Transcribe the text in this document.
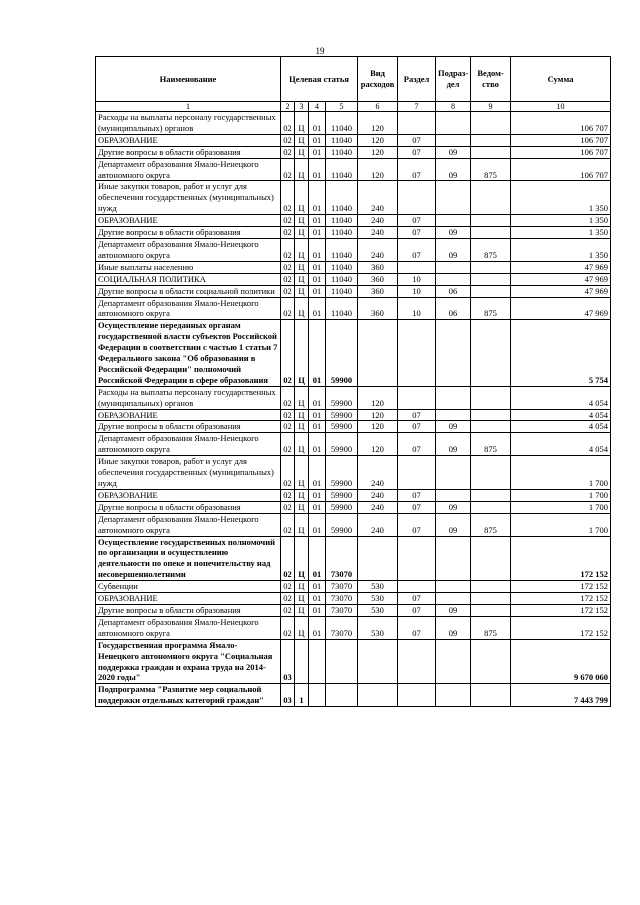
19
Наименование	Целевая статья				Вид расходов	Раздел	Подраз-дел	Ведом-ство	Сумма
1	2	3	4	5	6	7	8	9	10
Расходы на выплаты персоналу государственных (муниципальных) органов	02	Ц	01	11040	120				106 707
ОБРАЗОВАНИЕ	02	Ц	01	11040	120	07			106 707
Другие вопросы в области образования	02	Ц	01	11040	120	07	09		106 707
Департамент образования Ямало-Ненецкого автономного округа	02	Ц	01	11040	120	07	09	875	106 707
Иные закупки товаров, работ и услуг для обеспечения государственных (муниципальных) нужд	02	Ц	01	11040	240				1 350
ОБРАЗОВАНИЕ	02	Ц	01	11040	240	07			1 350
Другие вопросы в области образования	02	Ц	01	11040	240	07	09		1 350
Департамент образования Ямало-Ненецкого автономного округа	02	Ц	01	11040	240	07	09	875	1 350
Иные выплаты населению	02	Ц	01	11040	360				47 969
СОЦИАЛЬНАЯ ПОЛИТИКА	02	Ц	01	11040	360	10			47 969
Другие вопросы в области социальной политики	02	Ц	01	11040	360	10	06		47 969
Департамент образования Ямало-Ненецкого автономного округа	02	Ц	01	11040	360	10	06	875	47 969
Осуществление переданных органам государственной власти субъектов Российской Федерации в соответствии с частью 1 статьи 7 Федерального закона "Об образовании в Российской Федерации" полномочий Российской Федерации в сфере образования	02	Ц	01	59900					5 754
Расходы на выплаты персоналу государственных (муниципальных) органов	02	Ц	01	59900	120				4 054
ОБРАЗОВАНИЕ	02	Ц	01	59900	120	07			4 054
Другие вопросы в области образования	02	Ц	01	59900	120	07	09		4 054
Департамент образования Ямало-Ненецкого автономного округа	02	Ц	01	59900	120	07	09	875	4 054
Иные закупки товаров, работ и услуг для обеспечения государственных (муниципальных) нужд	02	Ц	01	59900	240				1 700
ОБРАЗОВАНИЕ	02	Ц	01	59900	240	07			1 700
Другие вопросы в области образования	02	Ц	01	59900	240	07	09		1 700
Департамент образования Ямало-Ненецкого автономного округа	02	Ц	01	59900	240	07	09	875	1 700
Осуществление государственных полномочий по организации и осуществлению деятельности по опеке и попечительству над несовершеннолетними	02	Ц	01	73070					172 152
Субвенции	02	Ц	01	73070	530				172 152
ОБРАЗОВАНИЕ	02	Ц	01	73070	530	07			172 152
Другие вопросы в области образования	02	Ц	01	73070	530	07	09		172 152
Департамент образования Ямало-Ненецкого автономного округа	02	Ц	01	73070	530	07	09	875	172 152
Государственная программа Ямало-Ненецкого автономного округа "Социальная поддержка граждан и охрана труда на 2014-2020 годы"	03								9 670 060
Подпрограмма "Развитие мер социальной поддержки отдельных категорий граждан"	03	1							7 443 799
